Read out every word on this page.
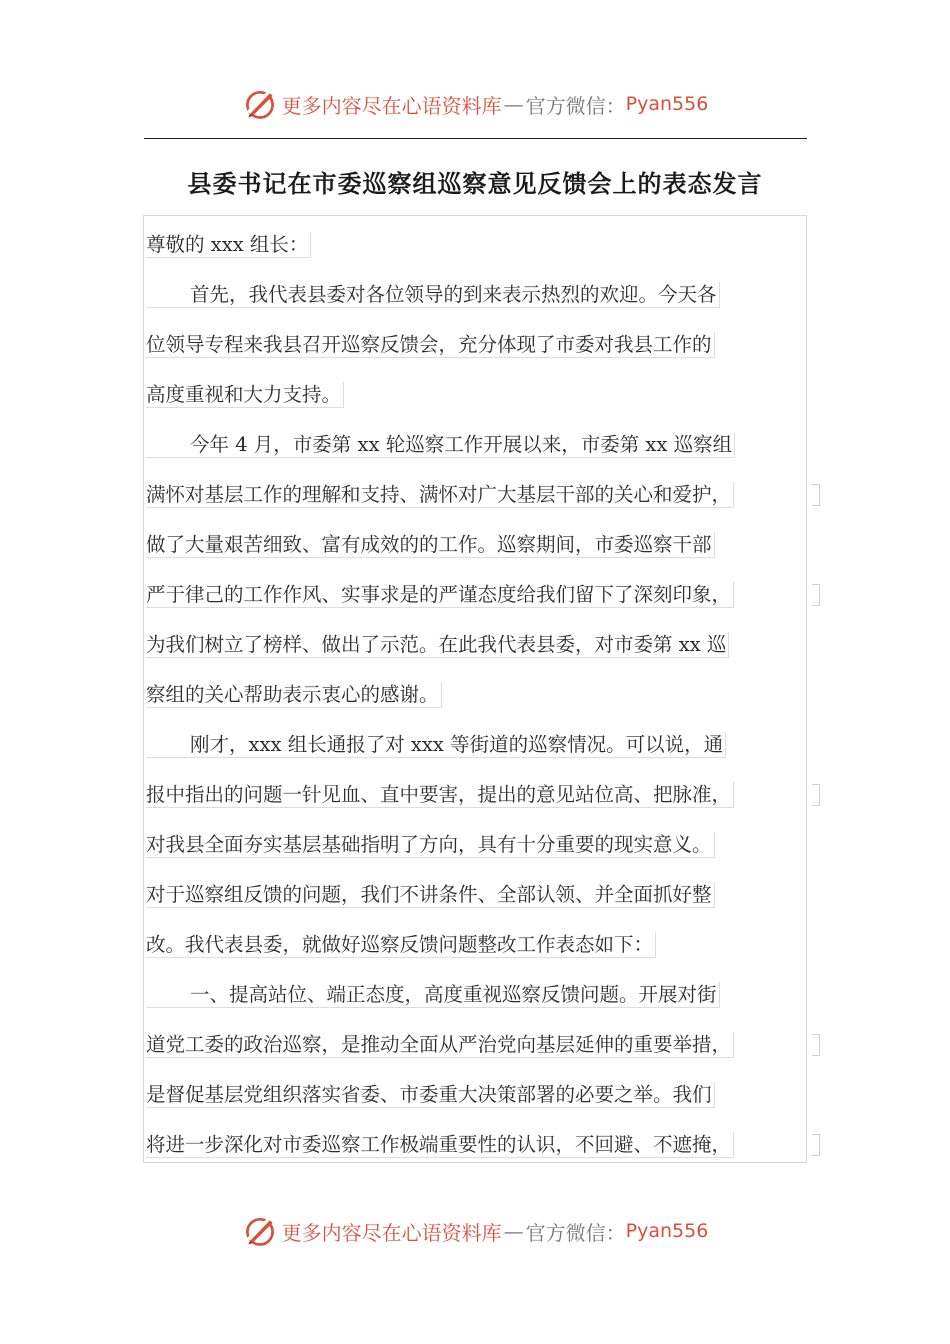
更多内容尽在心语资料库 — 官方微信： Pyan556
县委书记在市委巡察组巡察意见反馈会上的表态发言
尊敬的 xxx 组长：
首先，我代表县委对各位领导的到来表示热烈的欢迎。今天各
位领导专程来我县召开巡察反馈会，充分体现了市委对我县工作的
高度重视和大力支持。
今年 4 月，市委第 xx 轮巡察工作开展以来，市委第 xx 巡察组
满怀对基层工作的理解和支持、满怀对广大基层干部的关心和爱护，
做了大量艰苦细致、富有成效的的工作。巡察期间，市委巡察干部
严于律己的工作作风、实事求是的严谨态度给我们留下了深刻印象，
为我们树立了榜样、做出了示范。在此我代表县委，对市委第 xx 巡
察组的关心帮助表示衷心的感谢。
刚才，xxx 组长通报了对 xxx 等街道的巡察情况。可以说，通
报中指出的问题一针见血、直中要害，提出的意见站位高、把脉准，
对我县全面夯实基层基础指明了方向，具有十分重要的现实意义。
对于巡察组反馈的问题，我们不讲条件、全部认领、并全面抓好整
改。我代表县委，就做好巡察反馈问题整改工作表态如下：
一、提高站位、端正态度，高度重视巡察反馈问题。开展对街
道党工委的政治巡察，是推动全面从严治党向基层延伸的重要举措，
是督促基层党组织落实省委、市委重大决策部署的必要之举。我们
将进一步深化对市委巡察工作极端重要性的认识，不回避、不遮掩，
更多内容尽在心语资料库 — 官方微信： Pyan556
